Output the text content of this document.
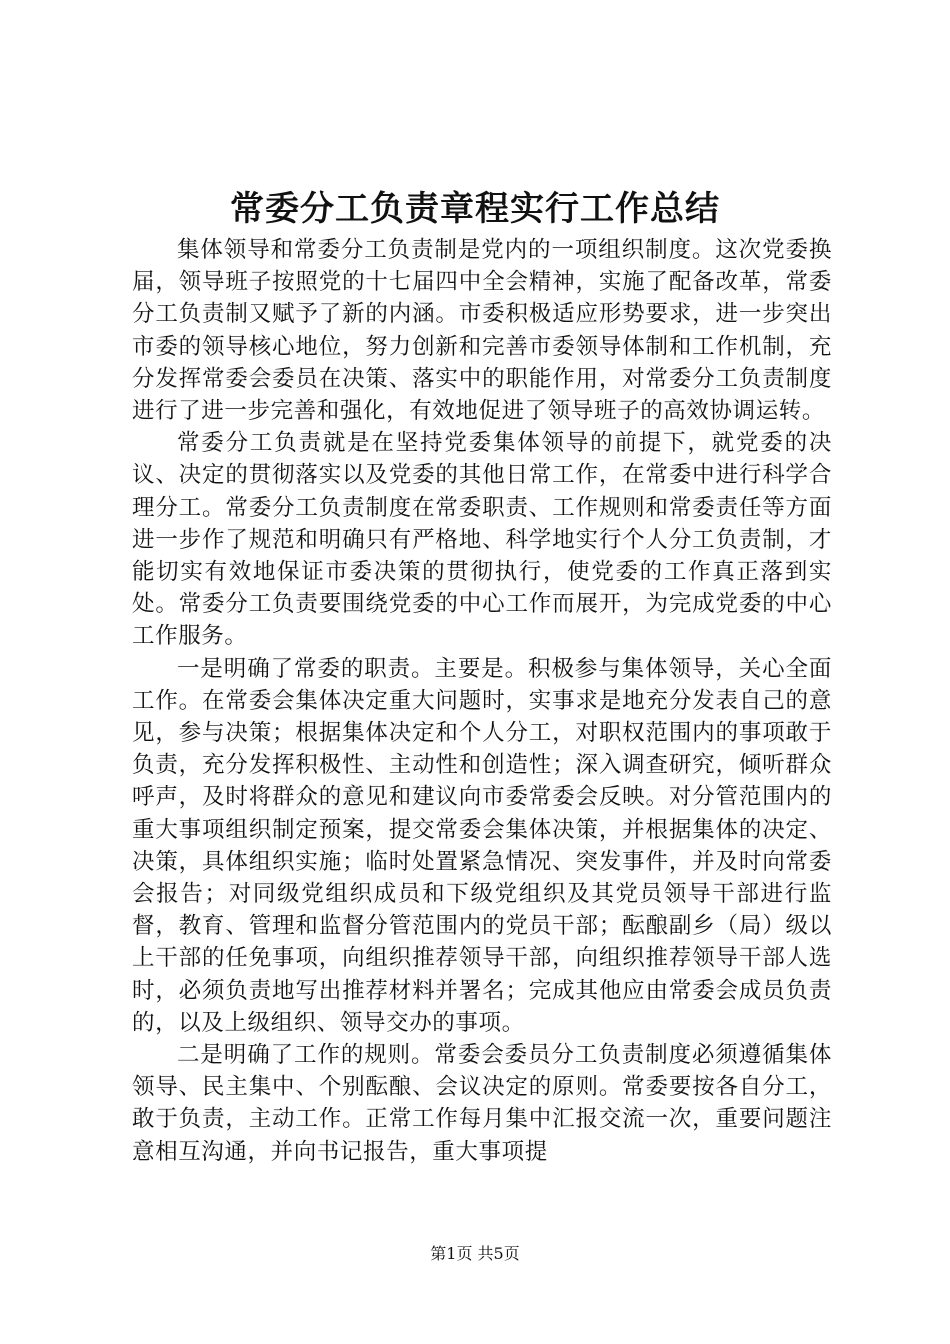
常委分工负责章程实行工作总结

集体领导和常委分工负责制是党内的一项组织制度。这次党委换届，领导班子按照党的十七届四中全会精神，实施了配备改革，常委分工负责制又赋予了新的内涵。市委积极适应形势要求，进一步突出市委的领导核心地位，努力创新和完善市委领导体制和工作机制，充分发挥常委会委员在决策、落实中的职能作用，对常委分工负责制度进行了进一步完善和强化，有效地促进了领导班子的高效协调运转。

常委分工负责就是在坚持党委集体领导的前提下，就党委的决议、决定的贯彻落实以及党委的其他日常工作，在常委中进行科学合理分工。常委分工负责制度在常委职责、工作规则和常委责任等方面进一步作了规范和明确只有严格地、科学地实行个人分工负责制，才能切实有效地保证市委决策的贯彻执行，使党委的工作真正落到实处。常委分工负责要围绕党委的中心工作而展开，为完成党委的中心工作服务。

一是明确了常委的职责。主要是。积极参与集体领导，关心全面工作。在常委会集体决定重大问题时，实事求是地充分发表自己的意见，参与决策；根据集体决定和个人分工，对职权范围内的事项敢于负责，充分发挥积极性、主动性和创造性；深入调查研究，倾听群众呼声，及时将群众的意见和建议向市委常委会反映。对分管范围内的重大事项组织制定预案，提交常委会集体决策，并根据集体的决定、决策，具体组织实施；临时处置紧急情况、突发事件，并及时向常委会报告；对同级党组织成员和下级党组织及其党员领导干部进行监督，教育、管理和监督分管范围内的党员干部；酝酿副乡（局）级以上干部的任免事项，向组织推荐领导干部，向组织推荐领导干部人选时，必须负责地写出推荐材料并署名；完成其他应由常委会成员负责的，以及上级组织、领导交办的事项。

二是明确了工作的规则。常委会委员分工负责制度必须遵循集体领导、民主集中、个别酝酿、会议决定的原则。常委要按各自分工，敢于负责，主动工作。正常工作每月集中汇报交流一次，重要问题注意相互沟通，并向书记报告，重大事项提

第1页 共5页
